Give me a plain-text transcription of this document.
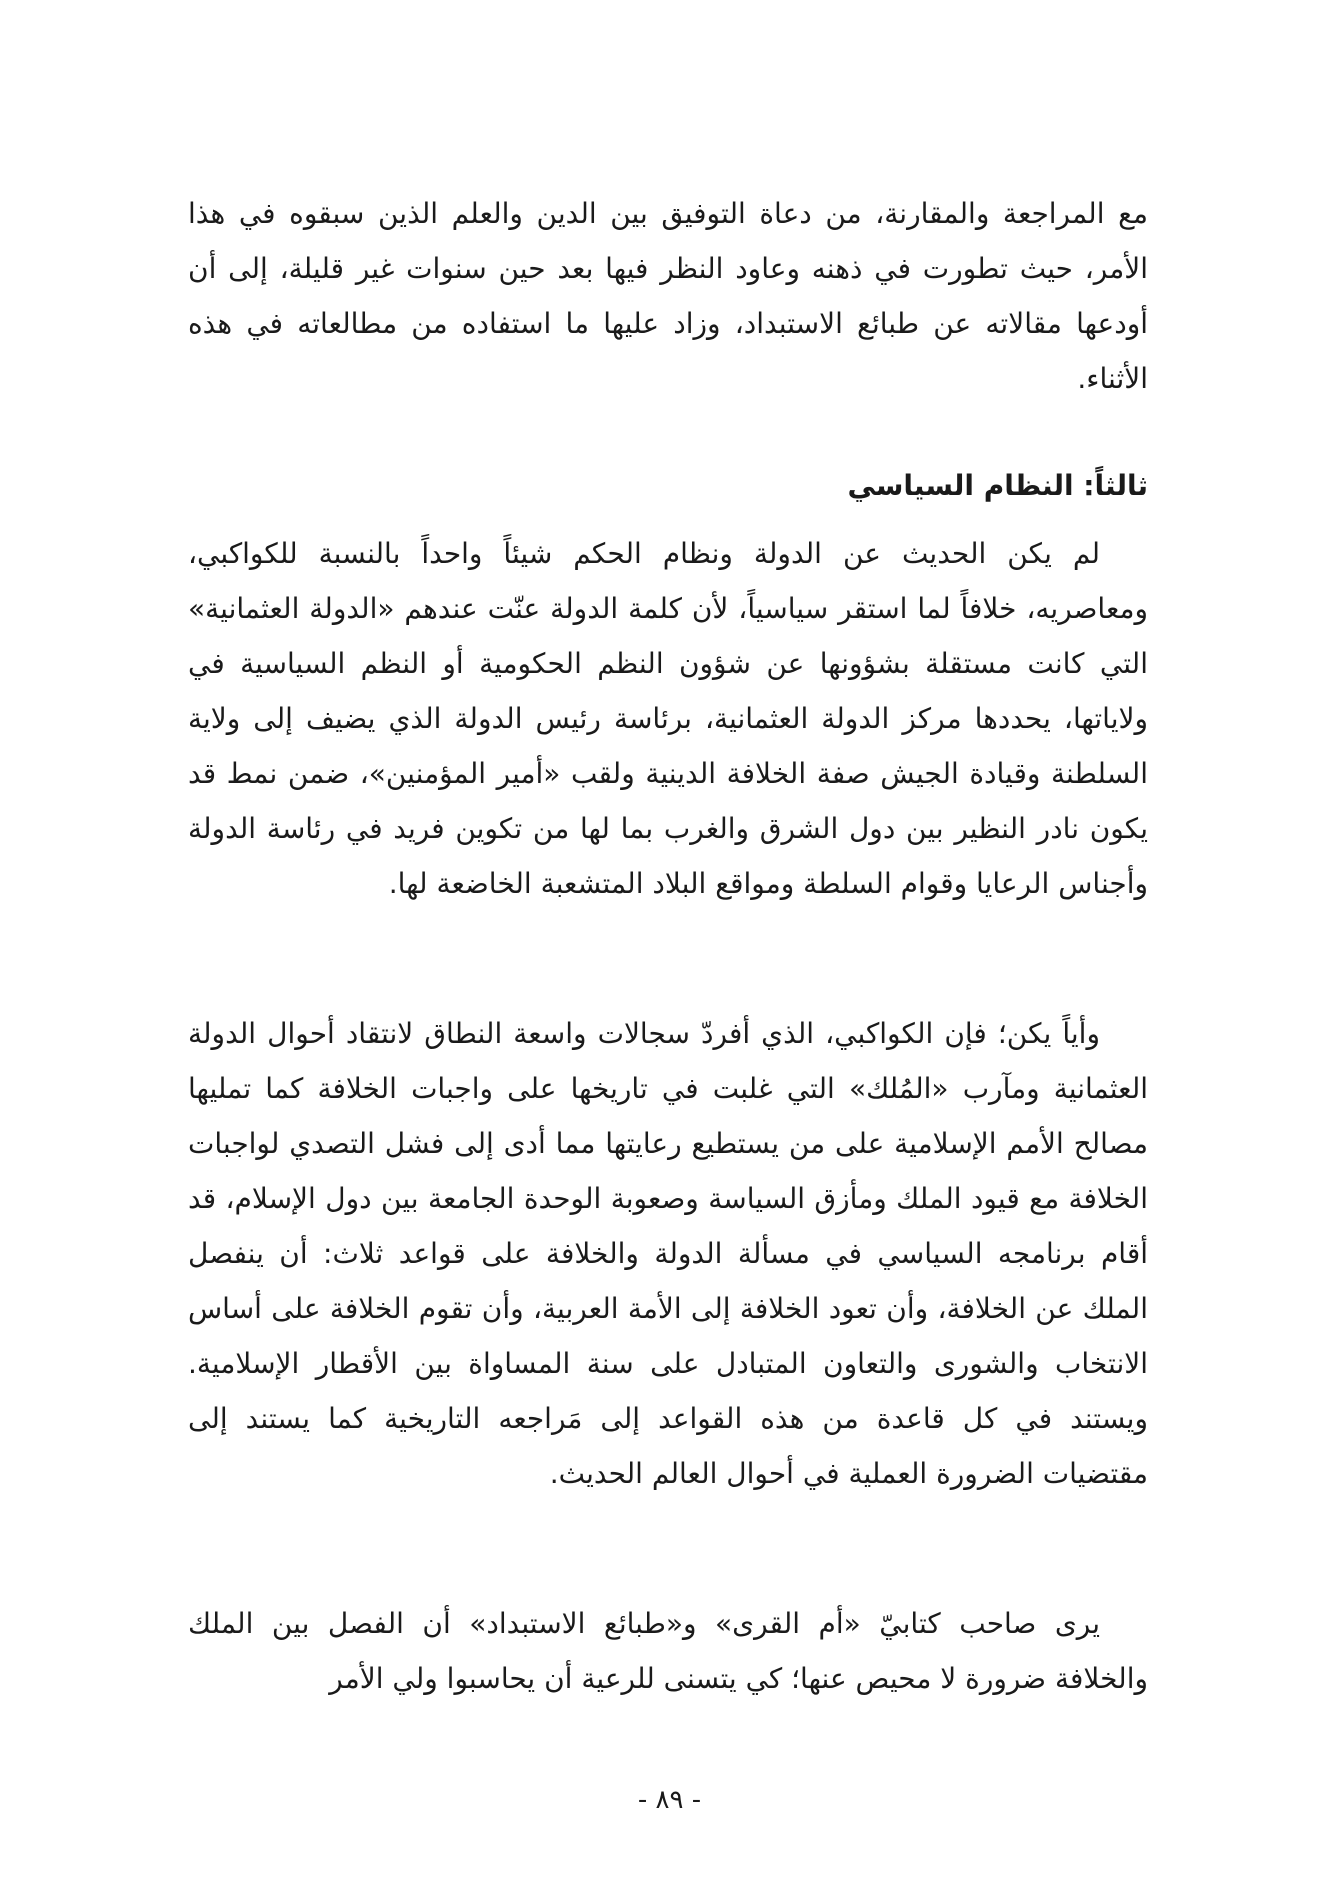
مع المراجعة والمقارنة، من دعاة التوفيق بين الدين والعلم الذين سبقوه في هذا الأمر، حيث تطورت في ذهنه وعاود النظر فيها بعد حين سنوات غير قليلة، إلى أن أودعها مقالاته عن طبائع الاستبداد، وزاد عليها ما استفاده من مطالعاته في هذه الأثناء.

ثالثاً: النظام السياسي

لم يكن الحديث عن الدولة ونظام الحكم شيئاً واحداً بالنسبة للكواكبي، ومعاصريه، خلافاً لما استقر سياسياً، لأن كلمة الدولة عنّت عندهم «الدولة العثمانية» التي كانت مستقلة بشؤونها عن شؤون النظم الحكومية أو النظم السياسية في ولاياتها، يحددها مركز الدولة العثمانية، برئاسة رئيس الدولة الذي يضيف إلى ولاية السلطنة وقيادة الجيش صفة الخلافة الدينية ولقب «أمير المؤمنين»، ضمن نمط قد يكون نادر النظير بين دول الشرق والغرب بما لها من تكوين فريد في رئاسة الدولة وأجناس الرعايا وقوام السلطة ومواقع البلاد المتشعبة الخاضعة لها.

وأياً يكن؛ فإن الكواكبي، الذي أفردّ سجالات واسعة النطاق لانتقاد أحوال الدولة العثمانية ومآرب «المُلك» التي غلبت في تاريخها على واجبات الخلافة كما تمليها مصالح الأمم الإسلامية على من يستطيع رعايتها مما أدى إلى فشل التصدي لواجبات الخلافة مع قيود الملك ومأزق السياسة وصعوبة الوحدة الجامعة بين دول الإسلام، قد أقام برنامجه السياسي في مسألة الدولة والخلافة على قواعد ثلاث: أن ينفصل الملك عن الخلافة، وأن تعود الخلافة إلى الأمة العربية، وأن تقوم الخلافة على أساس الانتخاب والشورى والتعاون المتبادل على سنة المساواة بين الأقطار الإسلامية. ويستند في كل قاعدة من هذه القواعد إلى مَراجعه التاريخية كما يستند إلى مقتضيات الضرورة العملية في أحوال العالم الحديث.

يرى صاحب كتابيّ «أم القرى» و«طبائع الاستبداد» أن الفصل بين الملك والخلافة ضرورة لا محيص عنها؛ كي يتسنى للرعية أن يحاسبوا ولي الأمر

- ٨٩ -
